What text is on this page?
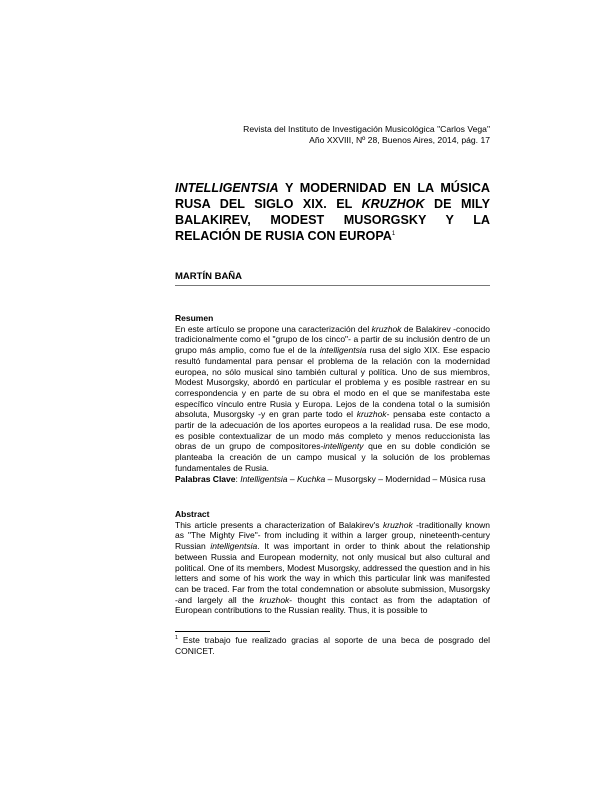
Revista del Instituto de Investigación Musicológica "Carlos Vega"
Año XXVIII, Nº 28, Buenos Aires, 2014, pág. 17
INTELLIGENTSIA Y MODERNIDAD EN LA MÚSICA RUSA DEL SIGLO XIX. EL KRUZHOK DE MILY BALAKIREV, MODEST MUSORGSKY Y LA RELACIÓN DE RUSIA CON EUROPA$^1$
MARTÍN BAÑA
Resumen
En este artículo se propone una caracterización del kruzhok de Balakirev -conocido tradicionalmente como el "grupo de los cinco"- a partir de su inclusión dentro de un grupo más amplio, como fue el de la intelligentsia rusa del siglo XIX. Ese espacio resultó fundamental para pensar el problema de la relación con la modernidad europea, no sólo musical sino también cultural y política. Uno de sus miembros, Modest Musorgsky, abordó en particular el problema y es posible rastrear en su correspondencia y en parte de su obra el modo en el que se manifestaba este específico vínculo entre Rusia y Europa. Lejos de la condena total o la sumisión absoluta, Musorgsky -y en gran parte todo el kruzhok- pensaba este contacto a partir de la adecuación de los aportes europeos a la realidad rusa. De ese modo, es posible contextualizar de un modo más completo y menos reduccionista las obras de un grupo de compositores-intelligenty que en su doble condición se planteaba la creación de un campo musical y la solución de los problemas fundamentales de Rusia.
Palabras Clave: Intelligentsia – Kuchka – Musorgsky – Modernidad – Música rusa
Abstract
This article presents a characterization of Balakirev's kruzhok -traditionally known as "The Mighty Five"- from including it within a larger group, nineteenth-century Russian intelligentsia. It was important in order to think about the relationship between Russia and European modernity, not only musical but also cultural and political. One of its members, Modest Musorgsky, addressed the question and in his letters and some of his work the way in which this particular link was manifested can be traced. Far from the total condemnation or absolute submission, Musorgsky -and largely all the kruzhok- thought this contact as from the adaptation of European contributions to the Russian reality. Thus, it is possible to
$^1$ Este trabajo fue realizado gracias al soporte de una beca de posgrado del CONICET.
